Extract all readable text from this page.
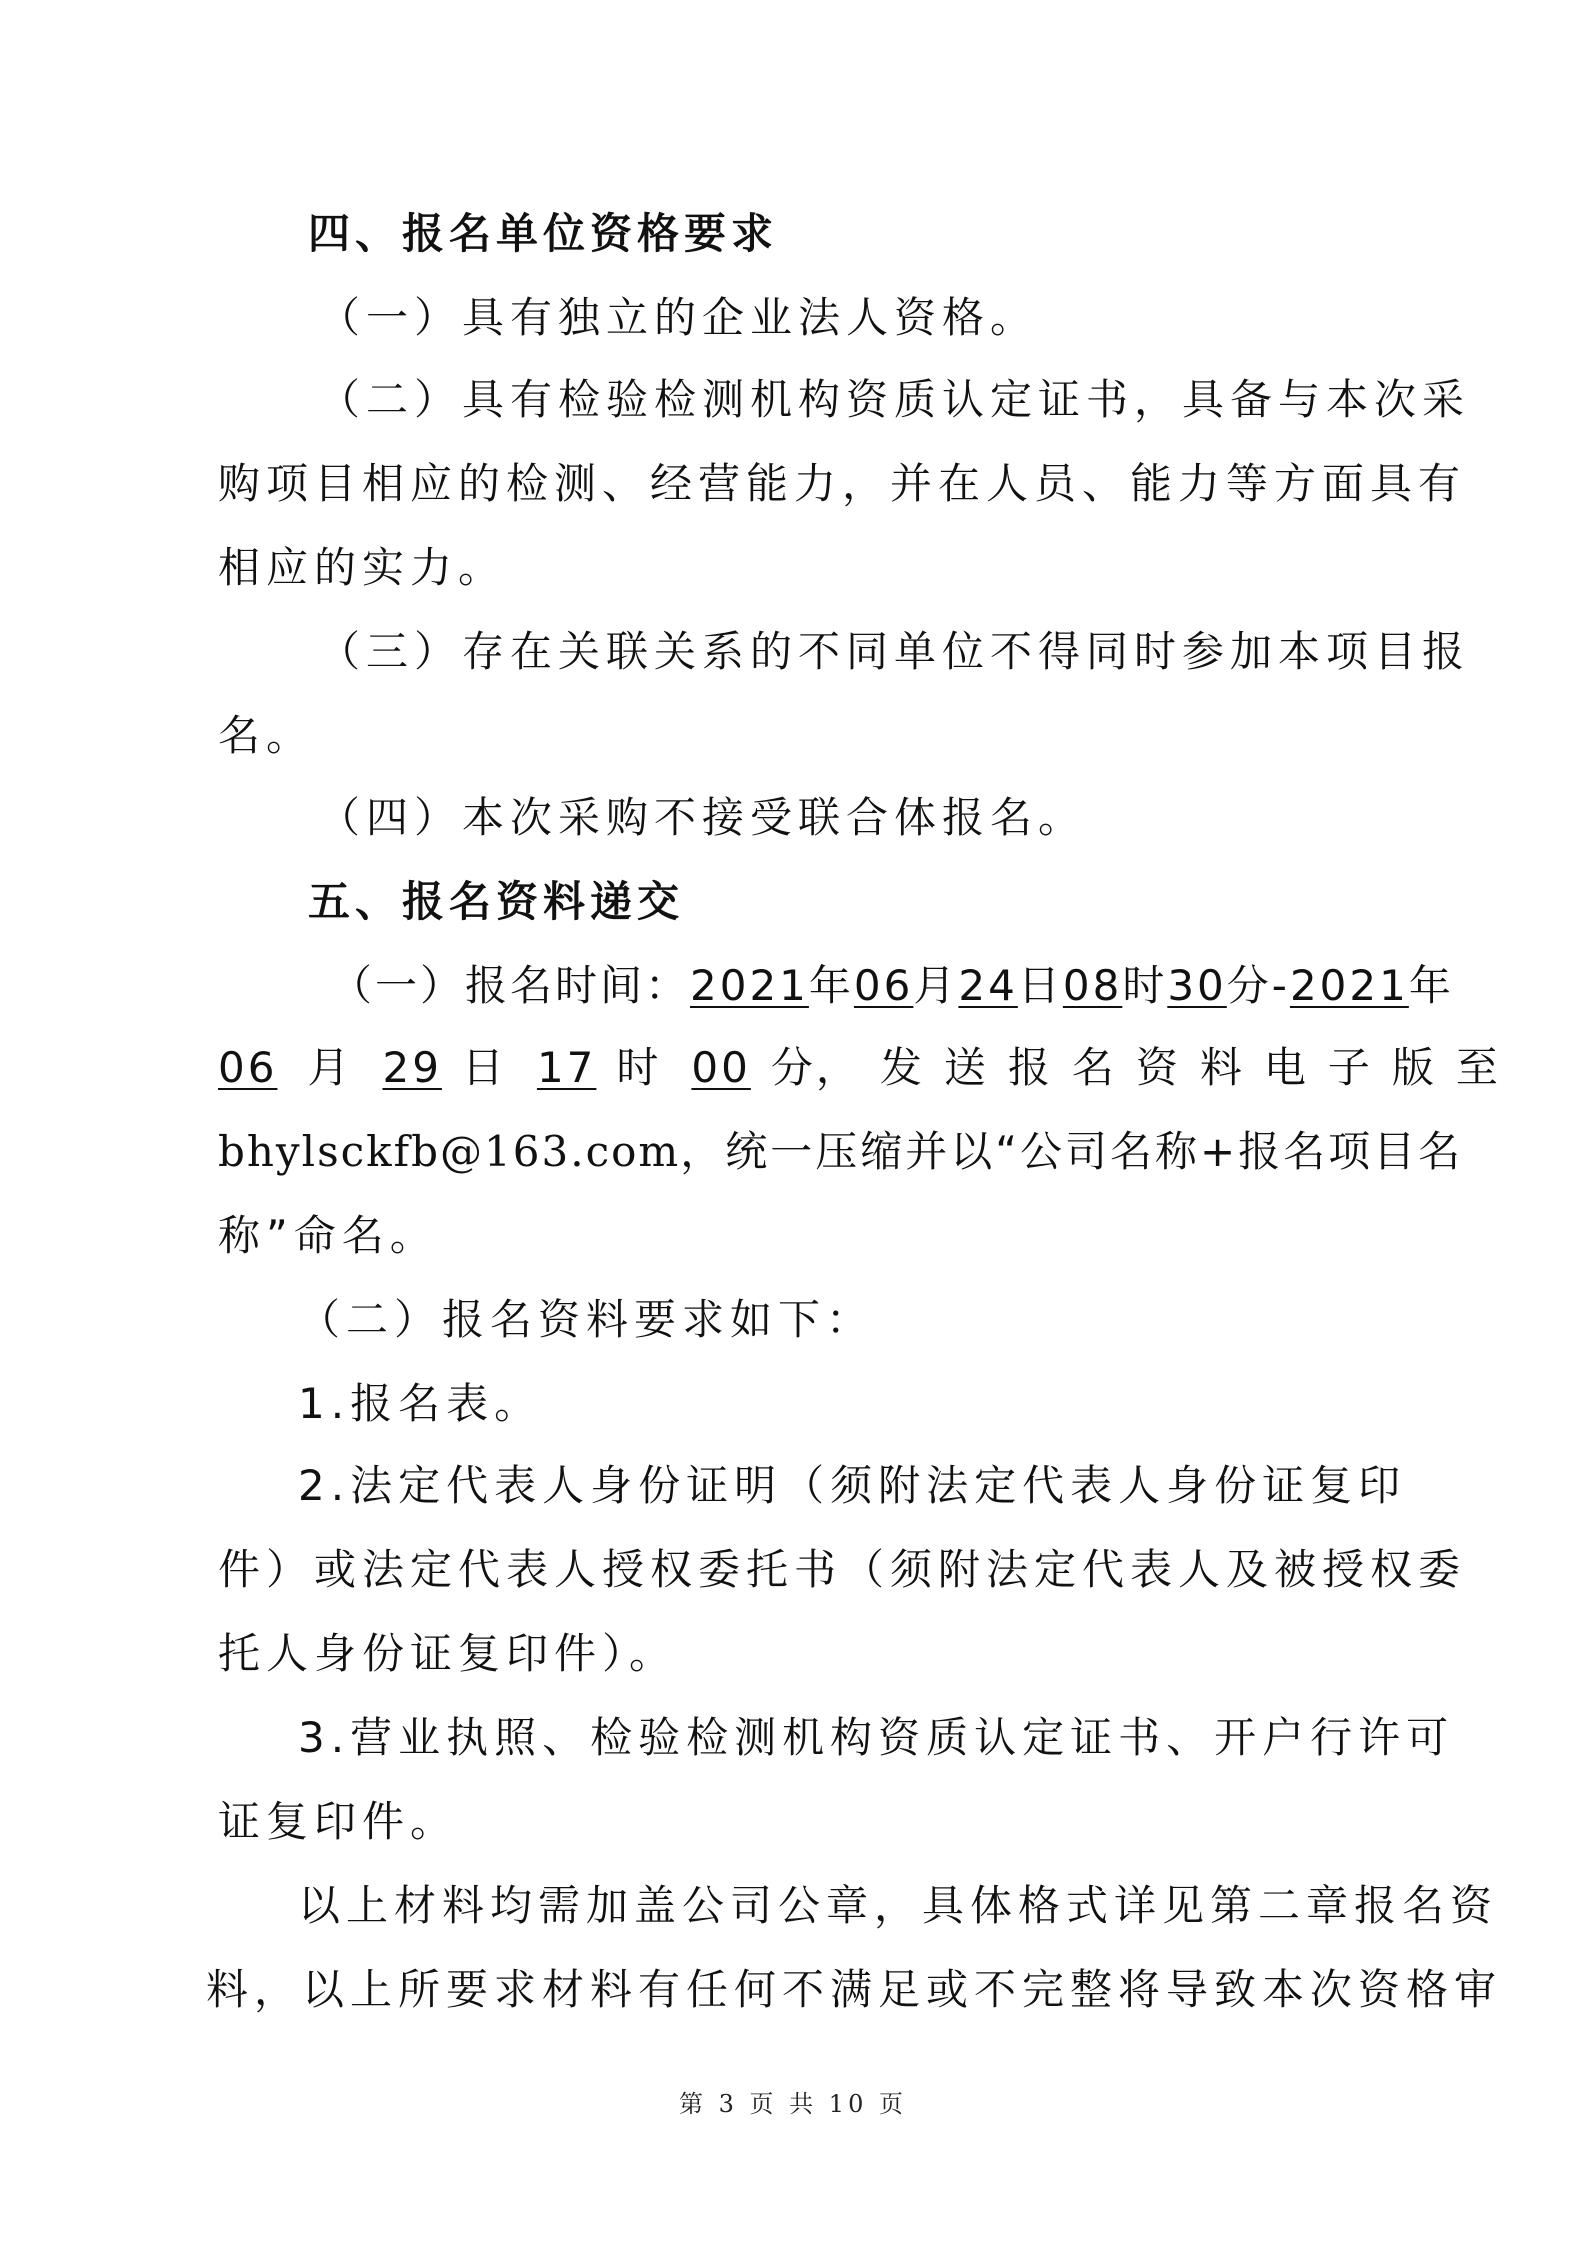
四、报名单位资格要求
（一）具有独立的企业法人资格。
（二）具有检验检测机构资质认定证书，具备与本次采
购项目相应的检测、经营能力，并在人员、能力等方面具有
相应的实力。
（三）存在关联关系的不同单位不得同时参加本项目报
名。
（四）本次采购不接受联合体报名。
五、报名资料递交
（一）报名时间：2021年06月24日08时30分-2021年
06 月 29 日 17 时 00 分，发送报名资料电子版至
bhylsckfb@163.com，统一压缩并以“公司名称+报名项目名
称”命名。
（二）报名资料要求如下：
1.报名表。
2.法定代表人身份证明（须附法定代表人身份证复印
件）或法定代表人授权委托书（须附法定代表人及被授权委
托人身份证复印件）。
3.营业执照、检验检测机构资质认定证书、开户行许可
证复印件。
以上材料均需加盖公司公章，具体格式详见第二章报名资
料，以上所要求材料有任何不满足或不完整将导致本次资格审
第 3 页 共 10 页
